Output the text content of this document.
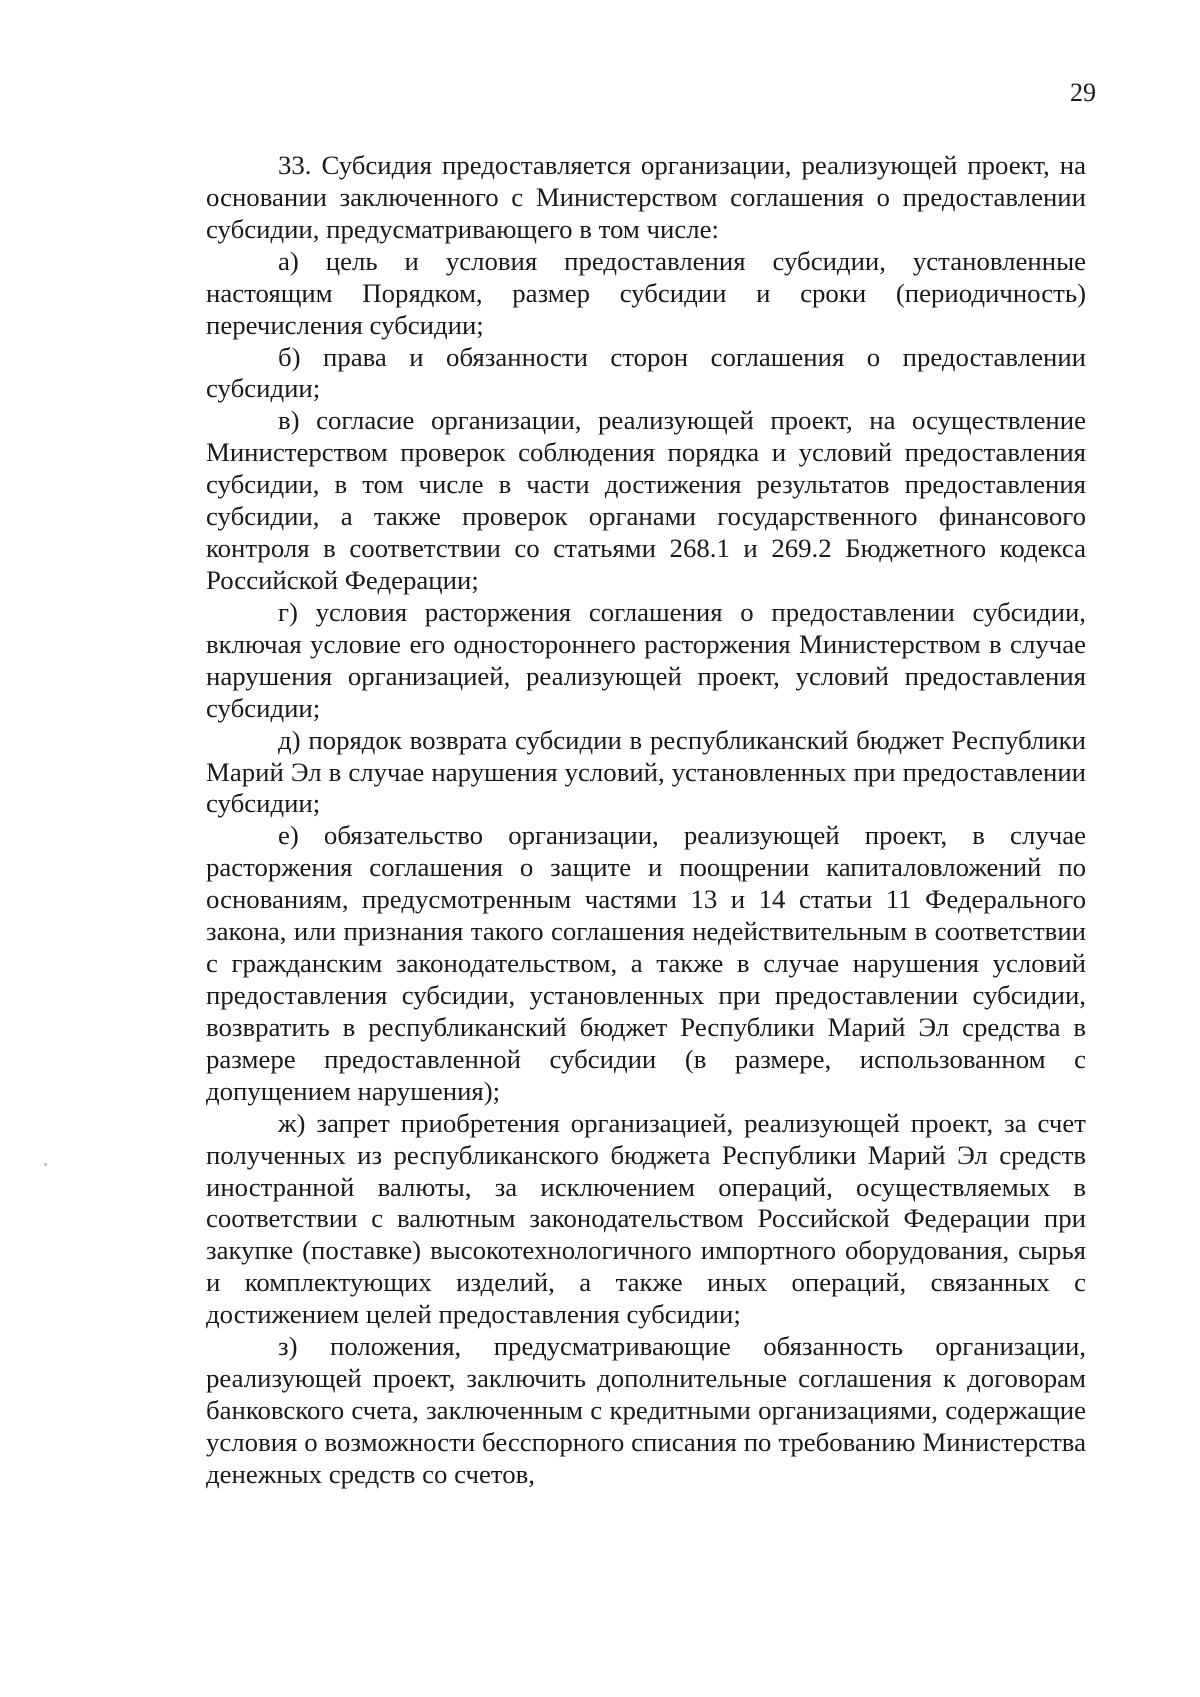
29

33. Субсидия предоставляется организации, реализующей проект, на основании заключенного с Министерством соглашения о предоставлении субсидии, предусматривающего в том числе:

а) цель и условия предоставления субсидии, установленные настоящим Порядком, размер субсидии и сроки (периодичность) перечисления субсидии;

б) права и обязанности сторон соглашения о предоставлении субсидии;

в) согласие организации, реализующей проект, на осуществление Министерством проверок соблюдения порядка и условий предоставления субсидии, в том числе в части достижения результатов предоставления субсидии, а также проверок органами государственного финансового контроля в соответствии со статьями 268.1 и 269.2 Бюджетного кодекса Российской Федерации;

г) условия расторжения соглашения о предоставлении субсидии, включая условие его одностороннего расторжения Министерством в случае нарушения организацией, реализующей проект, условий предоставления субсидии;

д) порядок возврата субсидии в республиканский бюджет Республики Марий Эл в случае нарушения условий, установленных при предоставлении субсидии;

е) обязательство организации, реализующей проект, в случае расторжения соглашения о защите и поощрении капиталовложений по основаниям, предусмотренным частями 13 и 14 статьи 11 Федерального закона, или признания такого соглашения недействительным в соответствии с гражданским законодательством, а также в случае нарушения условий предоставления субсидии, установленных при предоставлении субсидии, возвратить в республиканский бюджет Республики Марий Эл средства в размере предоставленной субсидии (в размере, использованном с допущением нарушения);

ж) запрет приобретения организацией, реализующей проект, за счет полученных из республиканского бюджета Республики Марий Эл средств иностранной валюты, за исключением операций, осуществляемых в соответствии с валютным законодательством Российской Федерации при закупке (поставке) высокотехнологичного импортного оборудования, сырья и комплектующих изделий, а также иных операций, связанных с достижением целей предоставления субсидии;

з) положения, предусматривающие обязанность организации, реализующей проект, заключить дополнительные соглашения к договорам банковского счета, заключенным с кредитными организациями, содержащие условия о возможности бесспорного списания по требованию Министерства денежных средств со счетов,
